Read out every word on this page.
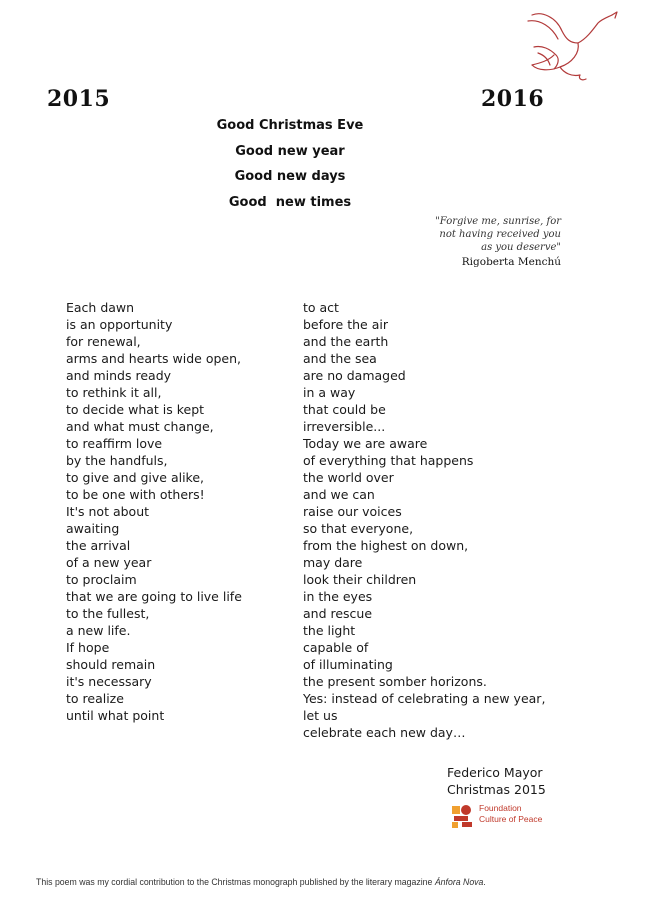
2015	2016
Good Christmas Eve
Good new year
Good new days
Good  new times
"Forgive me, sunrise, for
not having received you
as you deserve"
Rigoberta Menchú
Each dawn
is an opportunity
for renewal,
arms and hearts wide open,
and minds ready
to rethink it all,
to decide what is kept
and what must change,
to reaffirm love
by the handfuls,
to give and give alike,
to be one with others!
It's not about
awaiting
the arrival
of a new year
to proclaim
that we are going to live life
to the fullest,
a new life.
If hope
should remain
it's necessary
to realize
until what point
to act
before the air
and the earth
and the sea
are no damaged
in a way
that could be
irreversible...
Today we are aware
of everything that happens
the world over
and we can
raise our voices
so that everyone,
from the highest on down,
may dare
look their children
in the eyes
and rescue
the light
capable of
of illuminating
the present somber horizons.
Yes: instead of celebrating a new year,
let us
celebrate each new day…
Federico Mayor
Christmas 2015
Foundation
Culture of Peace
This poem was my cordial contribution to the Christmas monograph published by the literary magazine Ánfora Nova.
